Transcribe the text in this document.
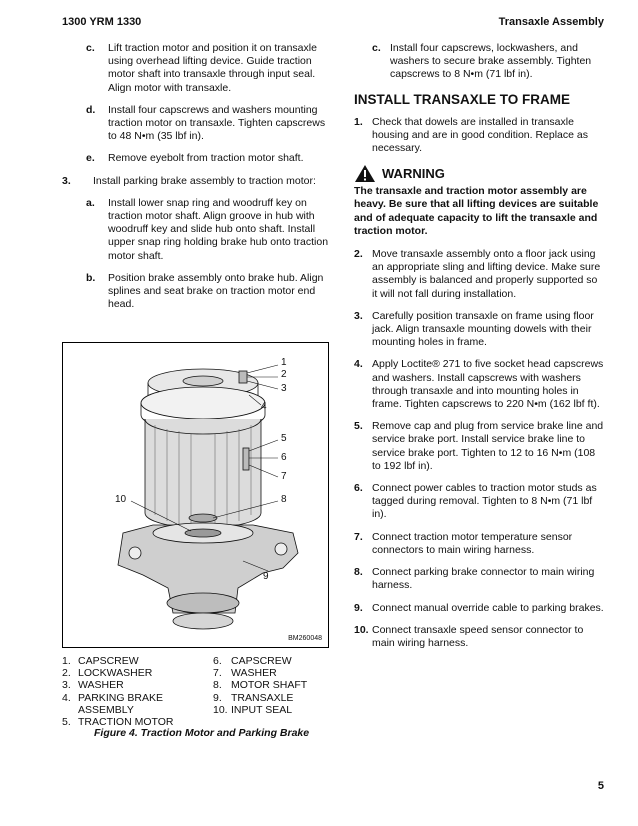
1300 YRM 1330	Transaxle Assembly
c. Lift traction motor and position it on transaxle using overhead lifting device. Guide traction motor shaft into transaxle through input seal. Align motor with transaxle.
d. Install four capscrews and washers mounting traction motor on transaxle. Tighten capscrews to 48 N•m (35 lbf in).
e. Remove eyebolt from traction motor shaft.
3. Install parking brake assembly to traction motor:
a. Install lower snap ring and woodruff key on traction motor shaft. Align groove in hub with woodruff key and slide hub onto shaft. Install upper snap ring holding brake hub onto traction motor shaft.
b. Position brake assembly onto brake hub. Align splines and seat brake on traction motor end head.
1
2
3
4
5
6
7
8
9
10
BM260048
1. CAPSCREW
2. LOCKWASHER
3. WASHER
4. PARKING BRAKE ASSEMBLY
5. TRACTION MOTOR
6. CAPSCREW
7. WASHER
8. MOTOR SHAFT
9. TRANSAXLE
10. INPUT SEAL
Figure 4. Traction Motor and Parking Brake
c. Install four capscrews, lockwashers, and washers to secure brake assembly. Tighten capscrews to 8 N•m (71 lbf in).
INSTALL TRANSAXLE TO FRAME
1. Check that dowels are installed in transaxle housing and are in good condition. Replace as necessary.
WARNING
The transaxle and traction motor assembly are heavy. Be sure that all lifting devices are suitable and of adequate capacity to lift the transaxle and traction motor.
2. Move transaxle assembly onto a floor jack using an appropriate sling and lifting device. Make sure assembly is balanced and properly supported so it will not fall during installation.
3. Carefully position transaxle on frame using floor jack. Align transaxle mounting dowels with their mounting holes in frame.
4. Apply Loctite® 271 to five socket head capscrews and washers. Install capscrews with washers through transaxle and into mounting holes in frame. Tighten capscrews to 220 N•m (162 lbf ft).
5. Remove cap and plug from service brake line and service brake port. Install service brake line to service brake port. Tighten to 12 to 16 N•m (108 to 192 lbf in).
6. Connect power cables to traction motor studs as tagged during removal. Tighten to 8 N•m (71 lbf in).
7. Connect traction motor temperature sensor connectors to main wiring harness.
8. Connect parking brake connector to main wiring harness.
9. Connect manual override cable to parking brakes.
10. Connect transaxle speed sensor connector to main wiring harness.
5
